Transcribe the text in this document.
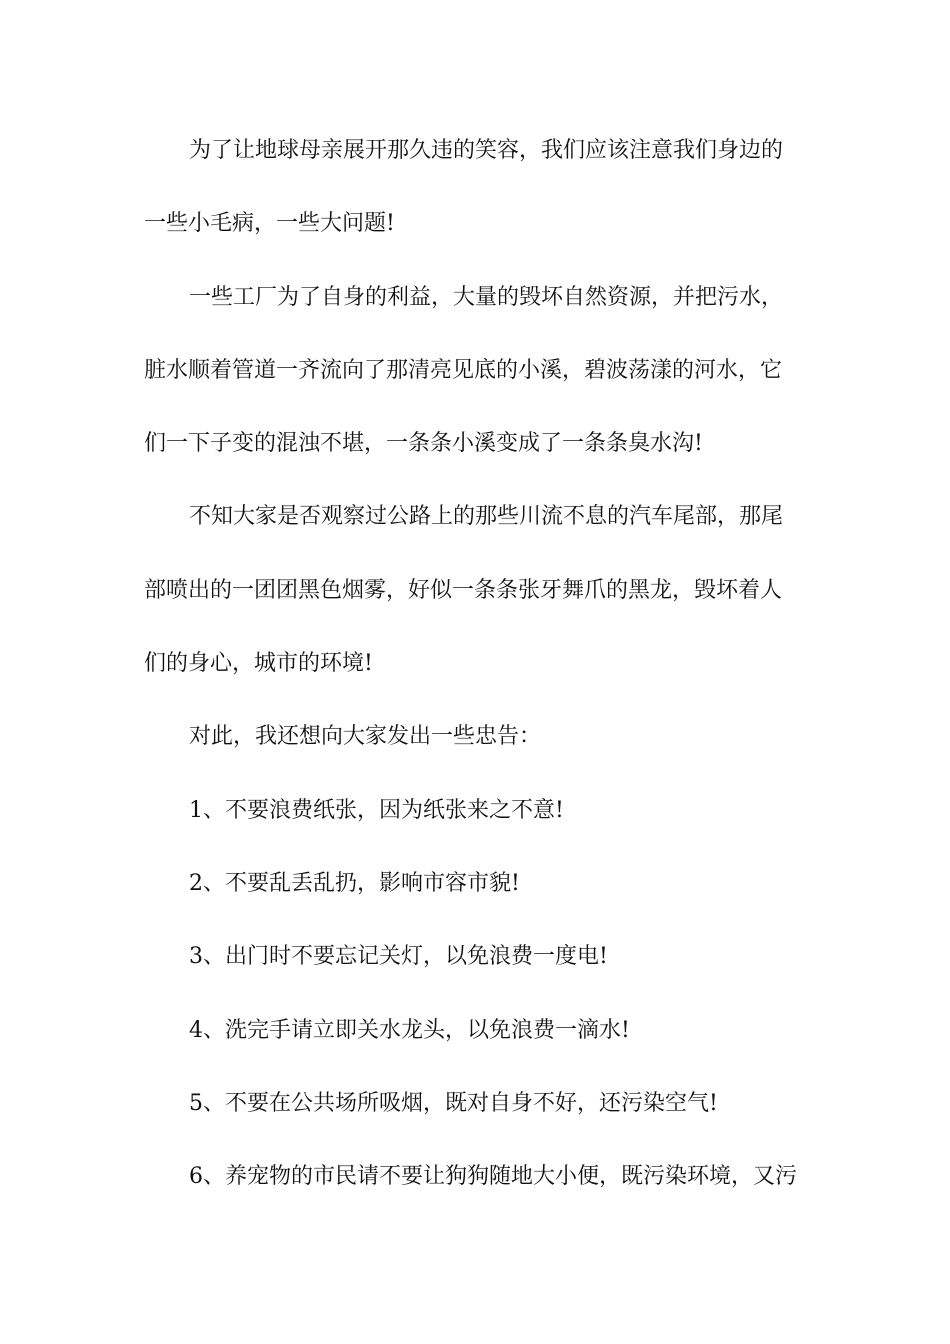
为了让地球母亲展开那久违的笑容，我们应该注意我们身边的
一些小毛病，一些大问题!
一些工厂为了自身的利益，大量的毁坏自然资源，并把污水，
脏水顺着管道一齐流向了那清亮见底的小溪，碧波荡漾的河水，它
们一下子变的混浊不堪，一条条小溪变成了一条条臭水沟!
不知大家是否观察过公路上的那些川流不息的汽车尾部，那尾
部喷出的一团团黑色烟雾，好似一条条张牙舞爪的黑龙，毁坏着人
们的身心，城市的环境!
对此，我还想向大家发出一些忠告：
1、不要浪费纸张，因为纸张来之不意!
2、不要乱丢乱扔，影响市容市貌!
3、出门时不要忘记关灯，以免浪费一度电!
4、洗完手请立即关水龙头，以免浪费一滴水!
5、不要在公共场所吸烟，既对自身不好，还污染空气!
6、养宠物的市民请不要让狗狗随地大小便，既污染环境，又污
